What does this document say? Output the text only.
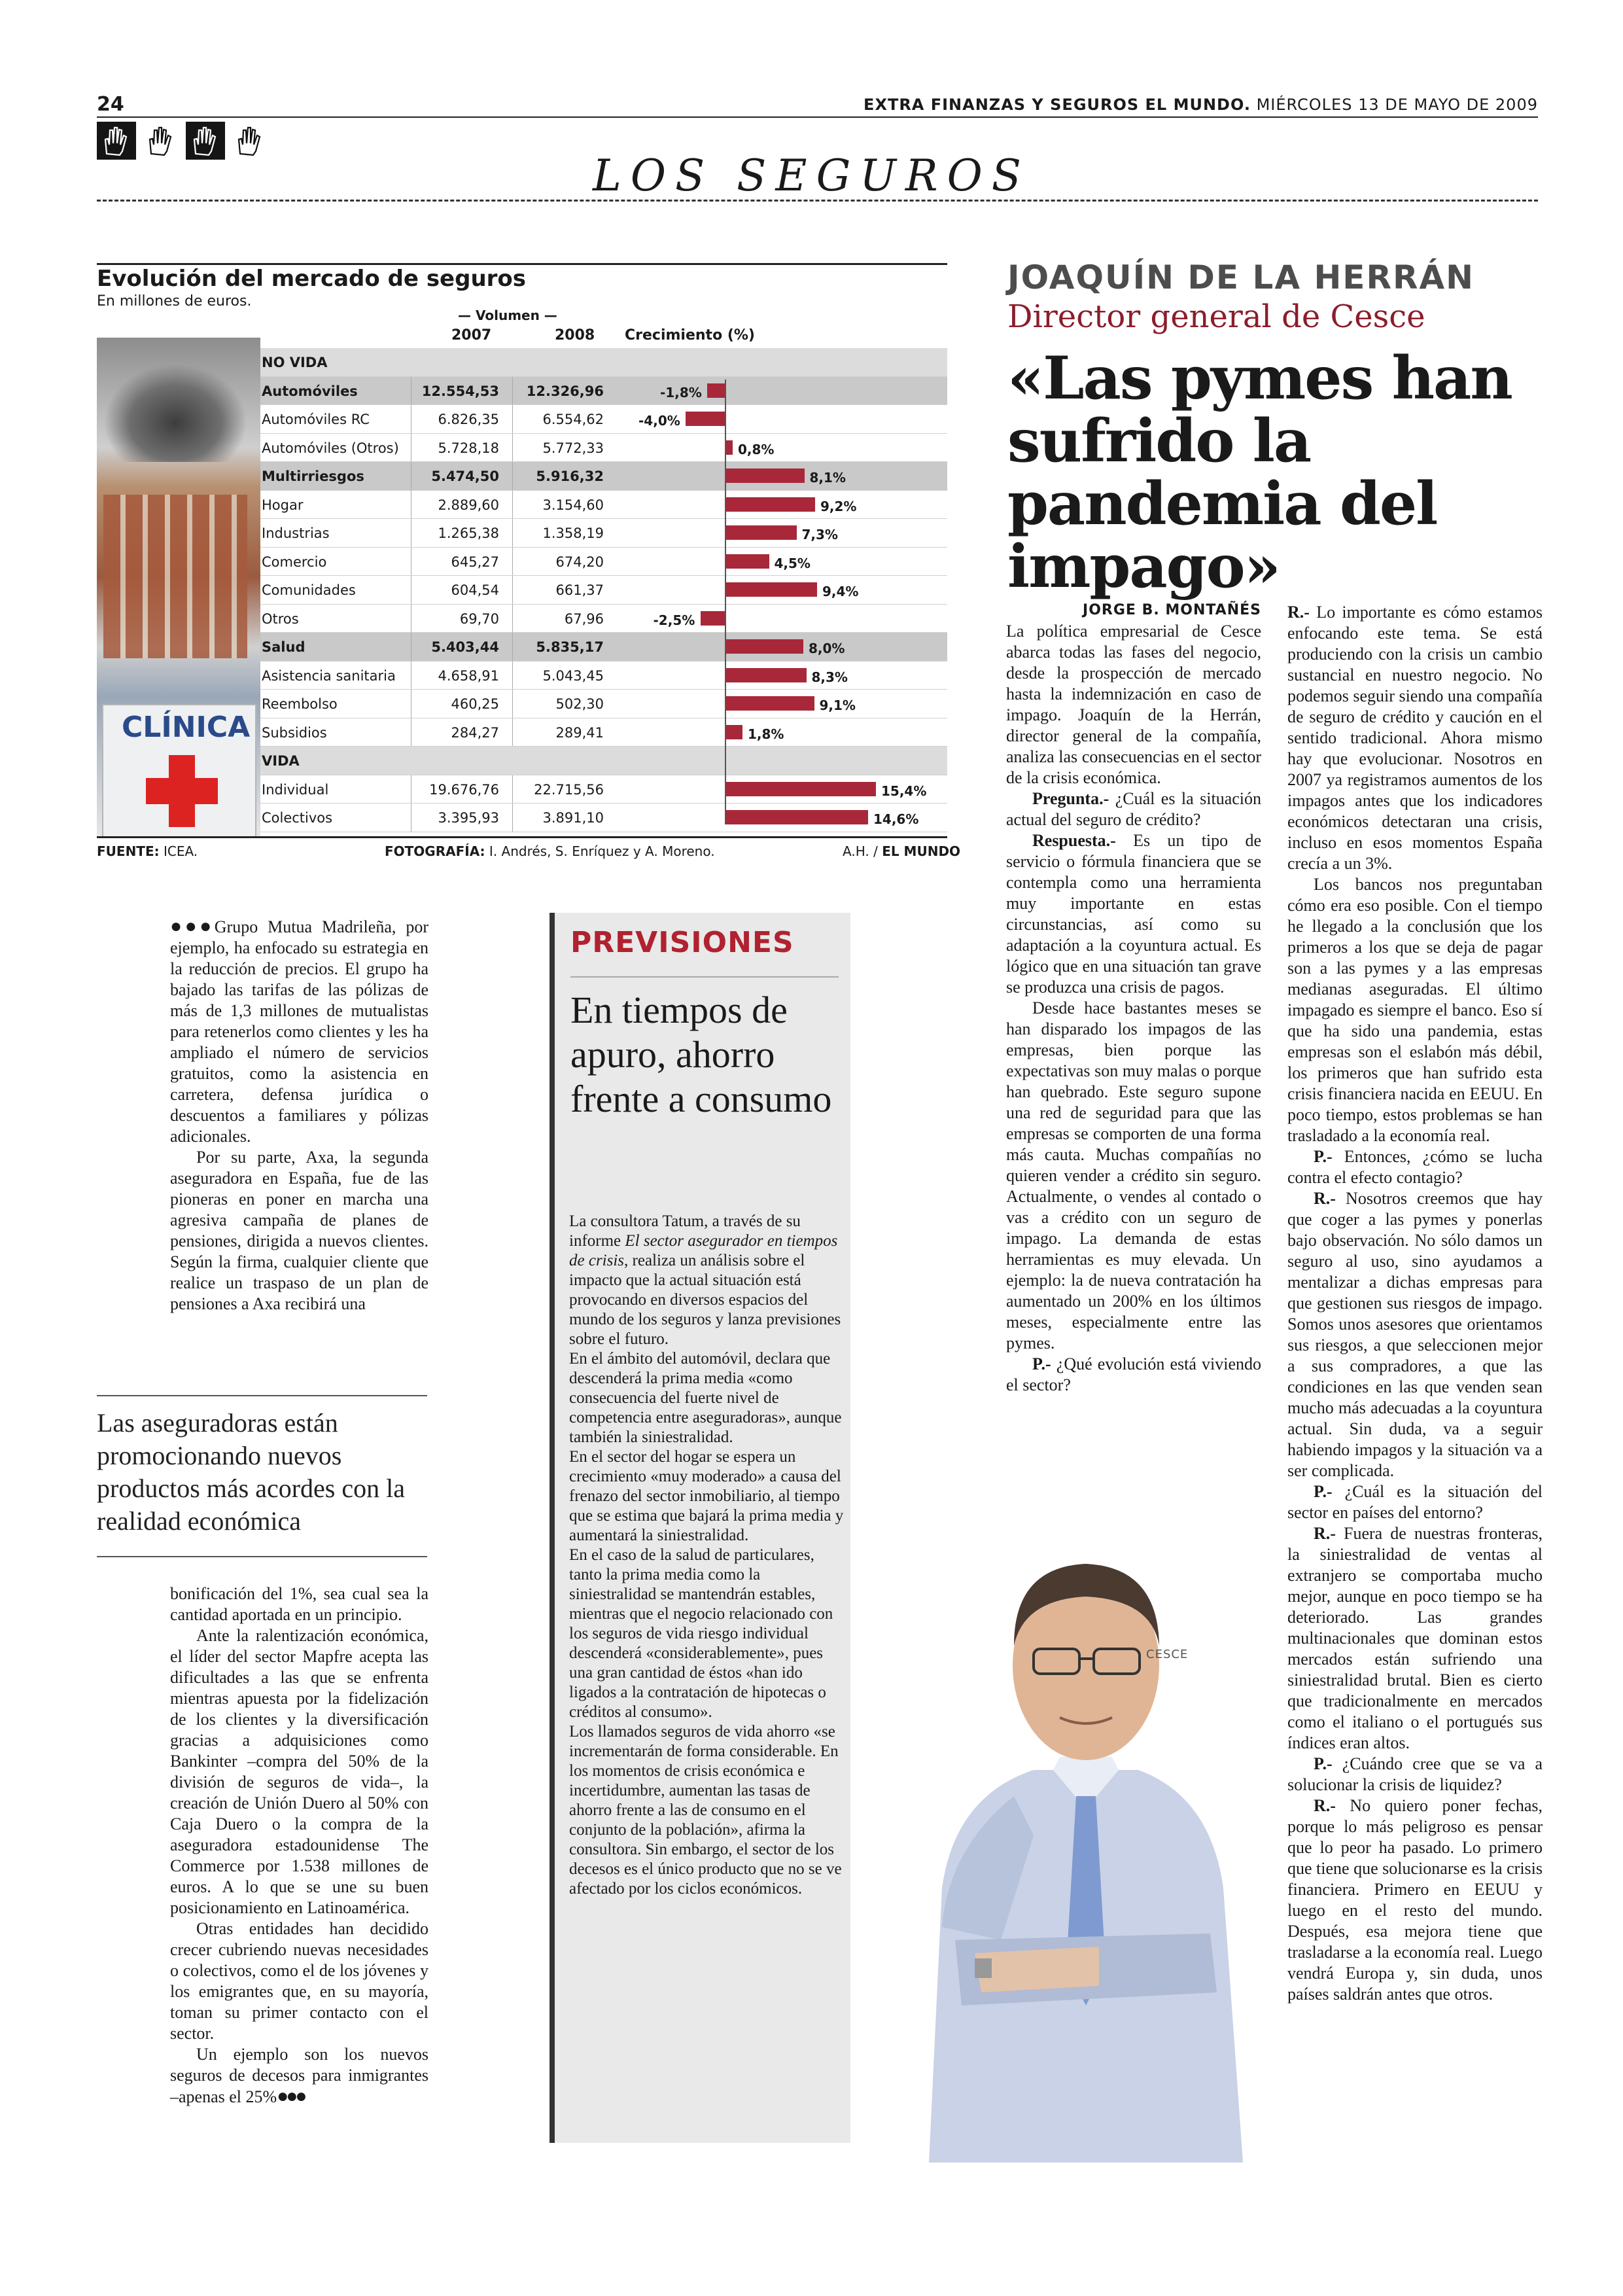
24	EXTRA FINANZAS Y SEGUROS EL MUNDO. MIÉRCOLES 13 DE MAYO DE 2009
LOS SEGUROS
Evolución del mercado de seguros
En millones de euros.
— Volumen —
2007	2008 Crecimiento (%)
CLÍNICA
NO VIDA
Automóviles	12.554,53	12.326,96	-1,8%
Automóviles RC	6.826,35	6.554,62	-4,0%
Automóviles (Otros)	5.728,18	5.772,33	0,8%
Multirriesgos	5.474,50	5.916,32	8,1%
Hogar	2.889,60	3.154,60	9,2%
Industrias	1.265,38	1.358,19	7,3%
Comercio	645,27	674,20	4,5%
Comunidades	604,54	661,37	9,4%
Otros	69,70	67,96	-2,5%
Salud	5.403,44	5.835,17	8,0%
Asistencia sanitaria	4.658,91	5.043,45	8,3%
Reembolso	460,25	502,30	9,1%
Subsidios	284,27	289,41	1,8%
VIDA
Individual	19.676,76	22.715,56	15,4%
Colectivos	3.395,93	3.891,10	14,6%
FUENTE: ICEA.	FOTOGRAFÍA: I. Andrés, S. Enríquez y A. Moreno.	A.H. / EL MUNDO
JOAQUÍN DE LA HERRÁN
Director general de Cesce
«Las pymes han sufrido la pandemia del impago»

●●●Grupo Mutua Madrileña, por ejemplo, ha enfocado su estrategia en la reducción de precios. El grupo ha bajado las tarifas de las pólizas de más de 1,3 millones de mutualistas para retenerlos como clientes y les ha ampliado el número de servicios gratuitos, como la asistencia en carretera, defensa jurídica o descuentos a familiares y pólizas adicionales.

Por su parte, Axa, la segunda aseguradora en España, fue de las pioneras en poner en marcha una agresiva campaña de planes de pensiones, dirigida a nuevos clientes. Según la firma, cualquier cliente que realice un traspaso de un plan de pensiones a Axa recibirá una

Las aseguradoras están promocionando nuevos productos más acordes con la realidad económica

bonificación del 1%, sea cual sea la cantidad aportada en un principio.

Ante la ralentización económica, el líder del sector Mapfre acepta las dificultades a las que se enfrenta mientras apuesta por la fidelización de los clientes y la diversificación gracias a adquisiciones como Bankinter –compra del 50% de la división de seguros de vida–, la creación de Unión Duero al 50% con Caja Duero o la compra de la aseguradora estadounidense The Commerce por 1.538 millones de euros. A lo que se une su buen posicionamiento en Latinoamérica.

Otras entidades han decidido crecer cubriendo nuevas necesidades o colectivos, como el de los jóvenes y los emigrantes que, en su mayoría, toman su primer contacto con el sector.

Un ejemplo son los nuevos seguros de decesos para inmigrantes –apenas el 25%●●●

PREVISIONES
En tiempos de apuro, ahorro frente a consumo

La consultora Tatum, a través de su informe El sector asegurador en tiempos de crisis, realiza un análisis sobre el impacto que la actual situación está provocando en diversos espacios del mundo de los seguros y lanza previsiones sobre el futuro.

En el ámbito del automóvil, declara que descenderá la prima media «como consecuencia del fuerte nivel de competencia entre aseguradoras», aunque también la siniestralidad.

En el sector del hogar se espera un crecimiento «muy moderado» a causa del frenazo del sector inmobiliario, al tiempo que se estima que bajará la prima media y aumentará la siniestralidad.

En el caso de la salud de particulares, tanto la prima media como la siniestralidad se mantendrán estables, mientras que el negocio relacionado con los seguros de vida riesgo individual descenderá «considerablemente», pues una gran cantidad de éstos «han ido ligados a la contratación de hipotecas o créditos al consumo».

Los llamados seguros de vida ahorro «se incrementarán de forma considerable. En los momentos de crisis económica e incertidumbre, aumentan las tasas de ahorro frente a las de consumo en el conjunto de la población», afirma la consultora. Sin embargo, el sector de los decesos es el único producto que no se ve afectado por los ciclos económicos.

JORGE B. MONTAÑÉS

La política empresarial de Cesce abarca todas las fases del negocio, desde la prospección de mercado hasta la indemnización en caso de impago. Joaquín de la Herrán, director general de la compañía, analiza las consecuencias en el sector de la crisis económica.

Pregunta.- ¿Cuál es la situación actual del seguro de crédito?

Respuesta.- Es un tipo de servicio o fórmula financiera que se contempla como una herramienta muy importante en estas circunstancias, así como su adaptación a la coyuntura actual. Es lógico que en una situación tan grave se produzca una crisis de pagos.

Desde hace bastantes meses se han disparado los impagos de las empresas, bien porque las expectativas son muy malas o porque han quebrado. Este seguro supone una red de seguridad para que las empresas se comporten de una forma más cauta. Muchas compañías no quieren vender a crédito sin seguro. Actualmente, o vendes al contado o vas a crédito con un seguro de impago. La demanda de estas herramientas es muy elevada. Un ejemplo: la de nueva contratación ha aumentado un 200% en los últimos meses, especialmente entre las pymes.

P.- ¿Qué evolución está viviendo el sector?

R.- Lo importante es cómo estamos enfocando este tema. Se está produciendo con la crisis un cambio sustancial en nuestro negocio. No podemos seguir siendo una compañía de seguro de crédito y caución en el sentido tradicional. Ahora mismo hay que evolucionar. Nosotros en 2007 ya registramos aumentos de los impagos antes que los indicadores económicos detectaran una crisis, incluso en esos momentos España crecía a un 3%.

Los bancos nos preguntaban cómo era eso posible. Con el tiempo he llegado a la conclusión que los primeros a los que se deja de pagar son a las pymes y a las empresas medianas aseguradas. El último impagado es siempre el banco. Eso sí que ha sido una pandemia, estas empresas son el eslabón más débil, los primeros que han sufrido esta crisis financiera nacida en EEUU. En poco tiempo, estos problemas se han trasladado a la economía real.

P.- Entonces, ¿cómo se lucha contra el efecto contagio?

R.- Nosotros creemos que hay que coger a las pymes y ponerlas bajo observación. No sólo damos un seguro al uso, sino ayudamos a mentalizar a dichas empresas para que gestionen sus riesgos de impago. Somos unos asesores que orientamos sus riesgos, a que seleccionen mejor a sus compradores, a que las condiciones en las que venden sean mucho más adecuadas a la coyuntura actual. Sin duda, va a seguir habiendo impagos y la situación va a ser complicada.

P.- ¿Cuál es la situación del sector en países del entorno?

R.- Fuera de nuestras fronteras, la siniestralidad de ventas al extranjero se comportaba mucho mejor, aunque en poco tiempo se ha deteriorado. Las grandes multinacionales que dominan estos mercados están sufriendo una siniestralidad brutal. Bien es cierto que tradicionalmente en mercados como el italiano o el portugués sus índices eran altos.

P.- ¿Cuándo cree que se va a solucionar la crisis de liquidez?

R.- No quiero poner fechas, porque lo más peligroso es pensar que lo peor ha pasado. Lo primero que tiene que solucionarse es la crisis financiera. Primero en EEUU y luego en el resto del mundo. Después, esa mejora tiene que trasladarse a la economía real. Luego vendrá Europa y, sin duda, unos países saldrán antes que otros.

CESCE
